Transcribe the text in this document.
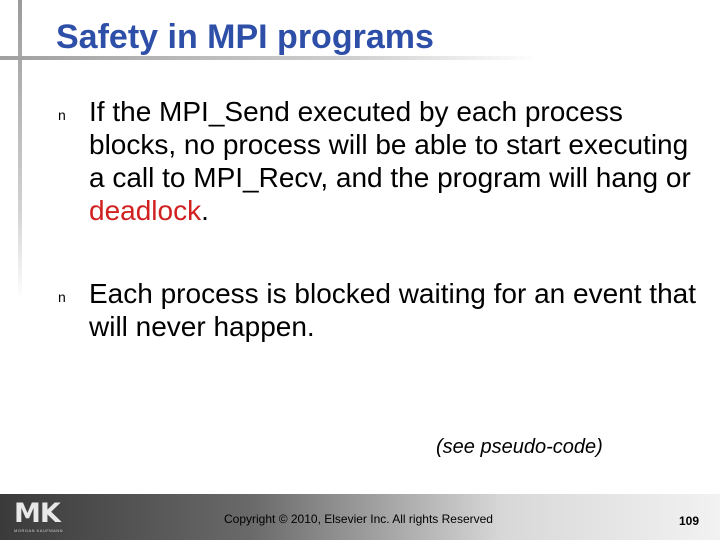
Safety in MPI programs
n If the MPI_Send executed by each process blocks, no process will be able to start executing a call to MPI_Recv, and the program will hang or deadlock.
n Each process is blocked waiting for an event that will never happen.
(see pseudo-code)
MK
MORGAN KAUFMANN
Copyright © 2010, Elsevier Inc. All rights Reserved	109
